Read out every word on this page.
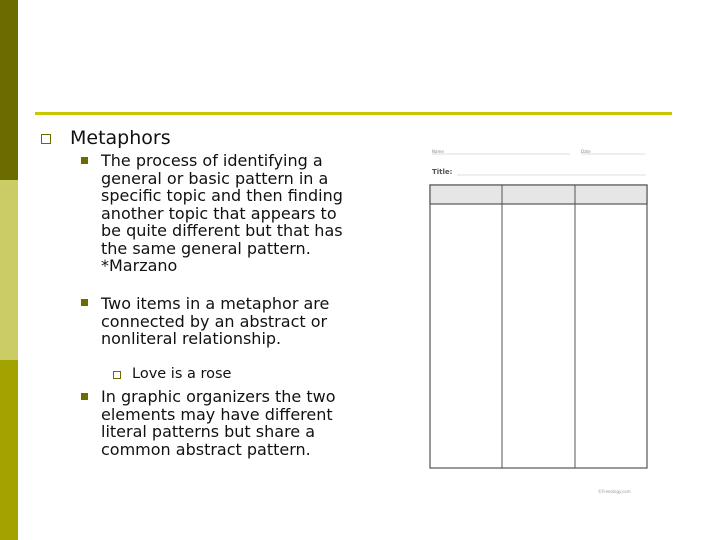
Metaphors
The process of identifying a general or basic pattern in a specific topic and then finding another topic that appears to be quite different but that has the same general pattern. *Marzano
Two items in a metaphor are connected by an abstract or nonliteral relationship.
Love is a rose
In graphic organizers the two elements may have different literal patterns but share a common abstract pattern.
Name	Date
Title:
©Freeology.com
